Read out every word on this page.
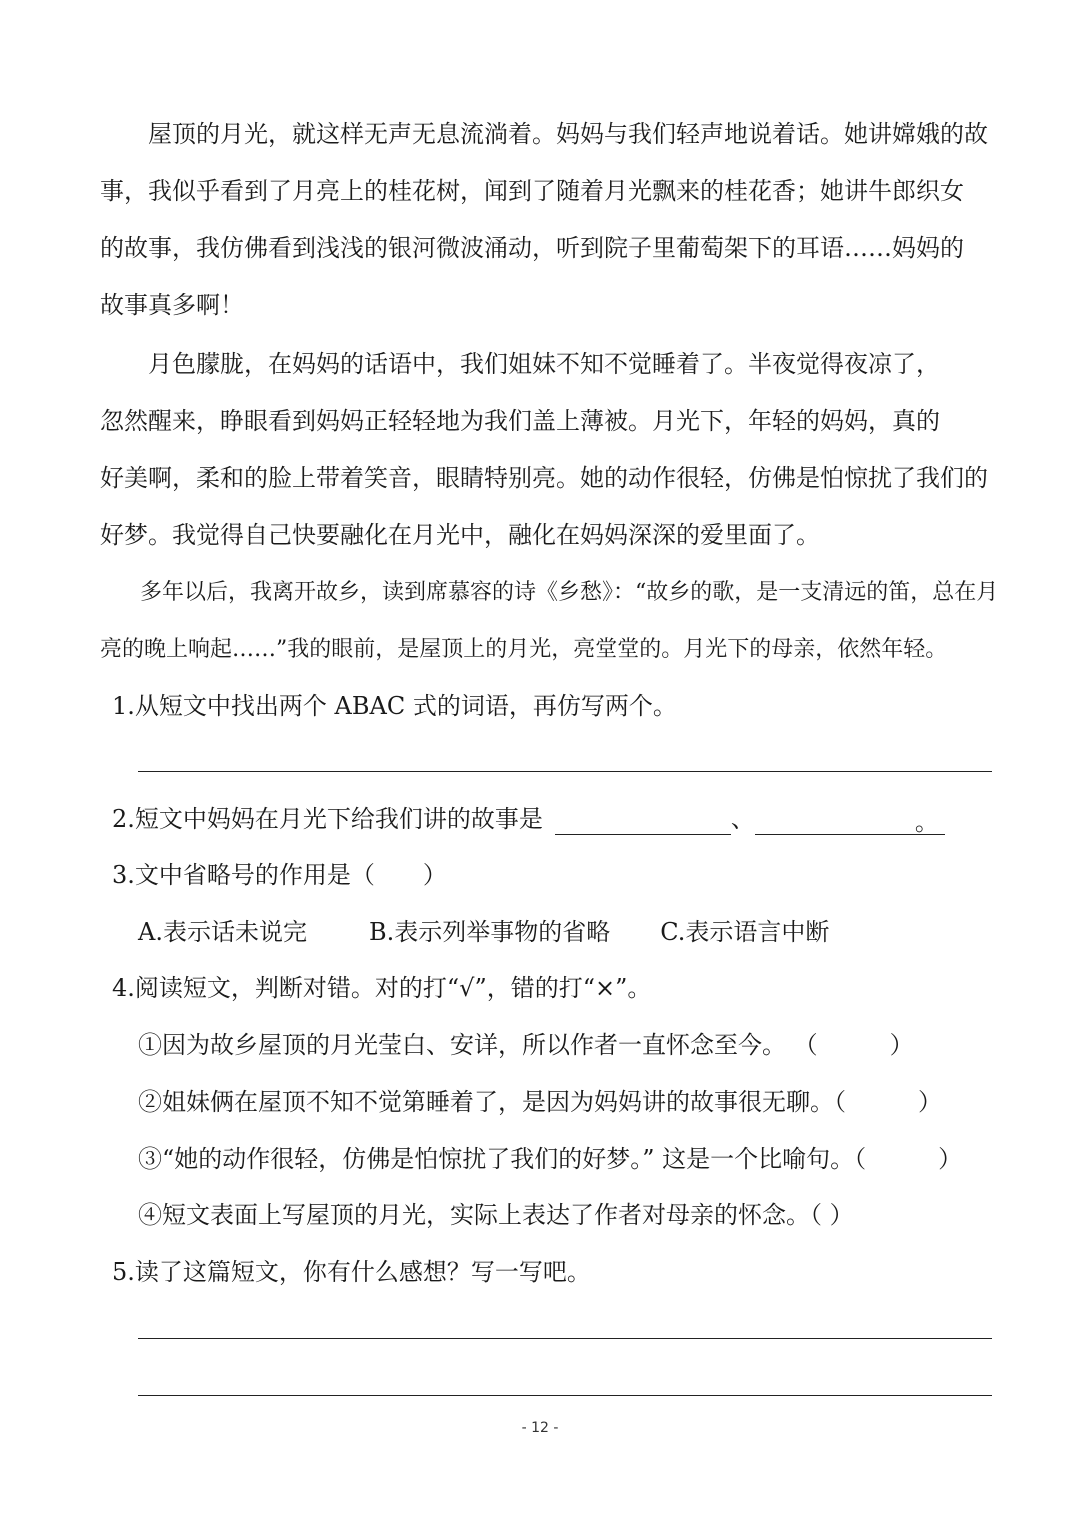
屋顶的月光，就这样无声无息流淌着。妈妈与我们轻声地说着话。她讲嫦娥的故
事，我似乎看到了月亮上的桂花树，闻到了随着月光飘来的桂花香；她讲牛郎织女
的故事，我仿佛看到浅浅的银河微波涌动，听到院子里葡萄架下的耳语……妈妈的
故事真多啊！
月色朦胧，在妈妈的话语中，我们姐妹不知不觉睡着了。半夜觉得夜凉了，
忽然醒来，睁眼看到妈妈正轻轻地为我们盖上薄被。月光下，年轻的妈妈，真的
好美啊，柔和的脸上带着笑音，眼睛特别亮。她的动作很轻，仿佛是怕惊扰了我们的
好梦。我觉得自己快要融化在月光中，融化在妈妈深深的爱里面了。
多年以后，我离开故乡，读到席慕容的诗《乡愁》：“故乡的歌，是一支清远的笛，总在月
亮的晚上响起……”我的眼前，是屋顶上的月光，亮堂堂的。月光下的母亲，依然年轻。
1.从短文中找出两个 ABAC 式的词语，再仿写两个。
2.短文中妈妈在月光下给我们讲的故事是	、	。
3.文中省略号的作用是（　　）
A.表示话未说完	B.表示列举事物的省略 C.表示语言中断
4.阅读短文，判断对错。对的打“√”，错的打“×”。
①因为故乡屋顶的月光莹白、安详，所以作者一直怀念至今。 （　　　）
②姐妹俩在屋顶不知不觉第睡着了，是因为妈妈讲的故事很无聊。（　　　）
③“她的动作很轻，仿佛是怕惊扰了我们的好梦。” 这是一个比喻句。（　　　）
④短文表面上写屋顶的月光，实际上表达了作者对母亲的怀念。（ ）
5.读了这篇短文，你有什么感想？写一写吧。
- 12 -
